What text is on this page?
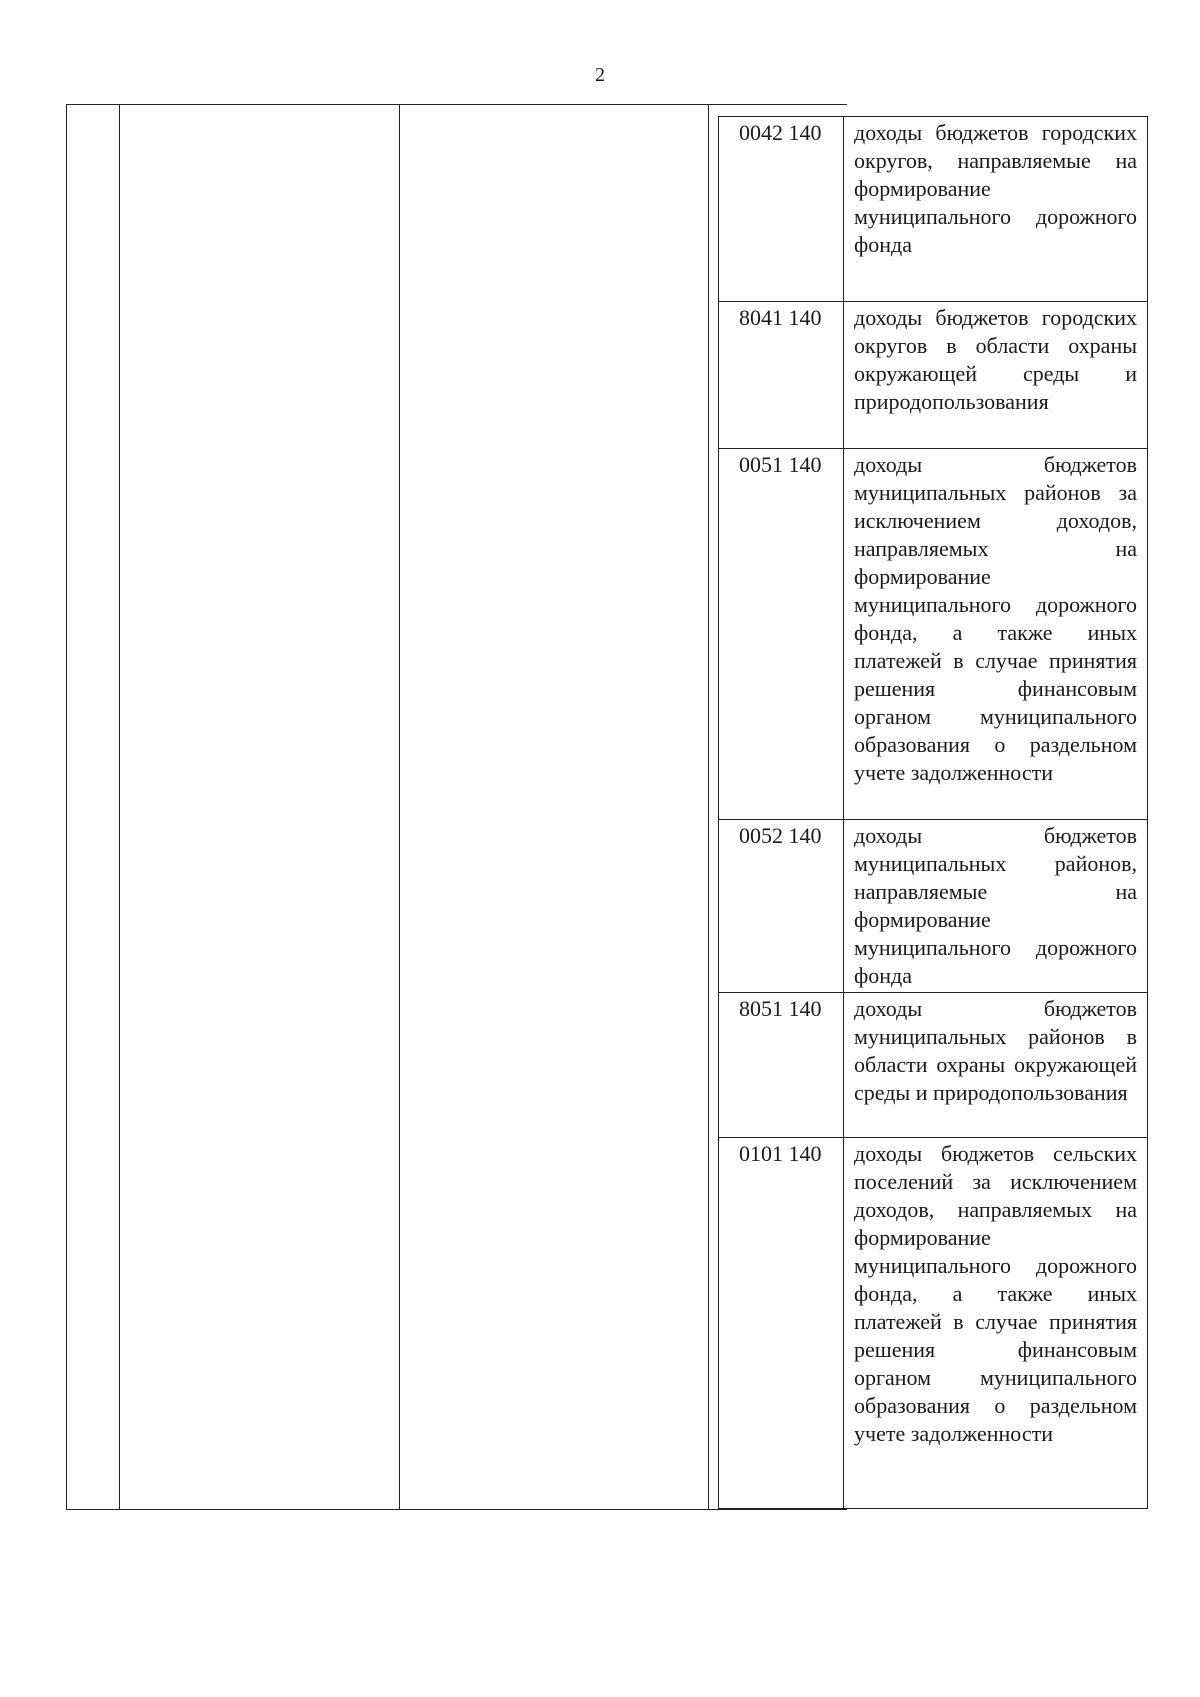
2
0042 140	доходы бюджетов городских округов, направляемые на формирование муниципального дорожного фонда
8041 140	доходы бюджетов городских округов в области охраны окружающей среды и природопользования
0051 140	доходы бюджетов муниципальных районов за исключением доходов, направляемых на формирование муниципального дорожного фонда, а также иных платежей в случае принятия решения финансовым органом муниципального образования о раздельном учете задолженности
0052 140	доходы бюджетов муниципальных районов, направляемые на формирование муниципального дорожного фонда
8051 140	доходы бюджетов муниципальных районов в области охраны окружающей среды и природопользования
0101 140	доходы бюджетов сельских поселений за исключением доходов, направляемых на формирование муниципального дорожного фонда, а также иных платежей в случае принятия решения финансовым органом муниципального образования о раздельном учете задолженности
